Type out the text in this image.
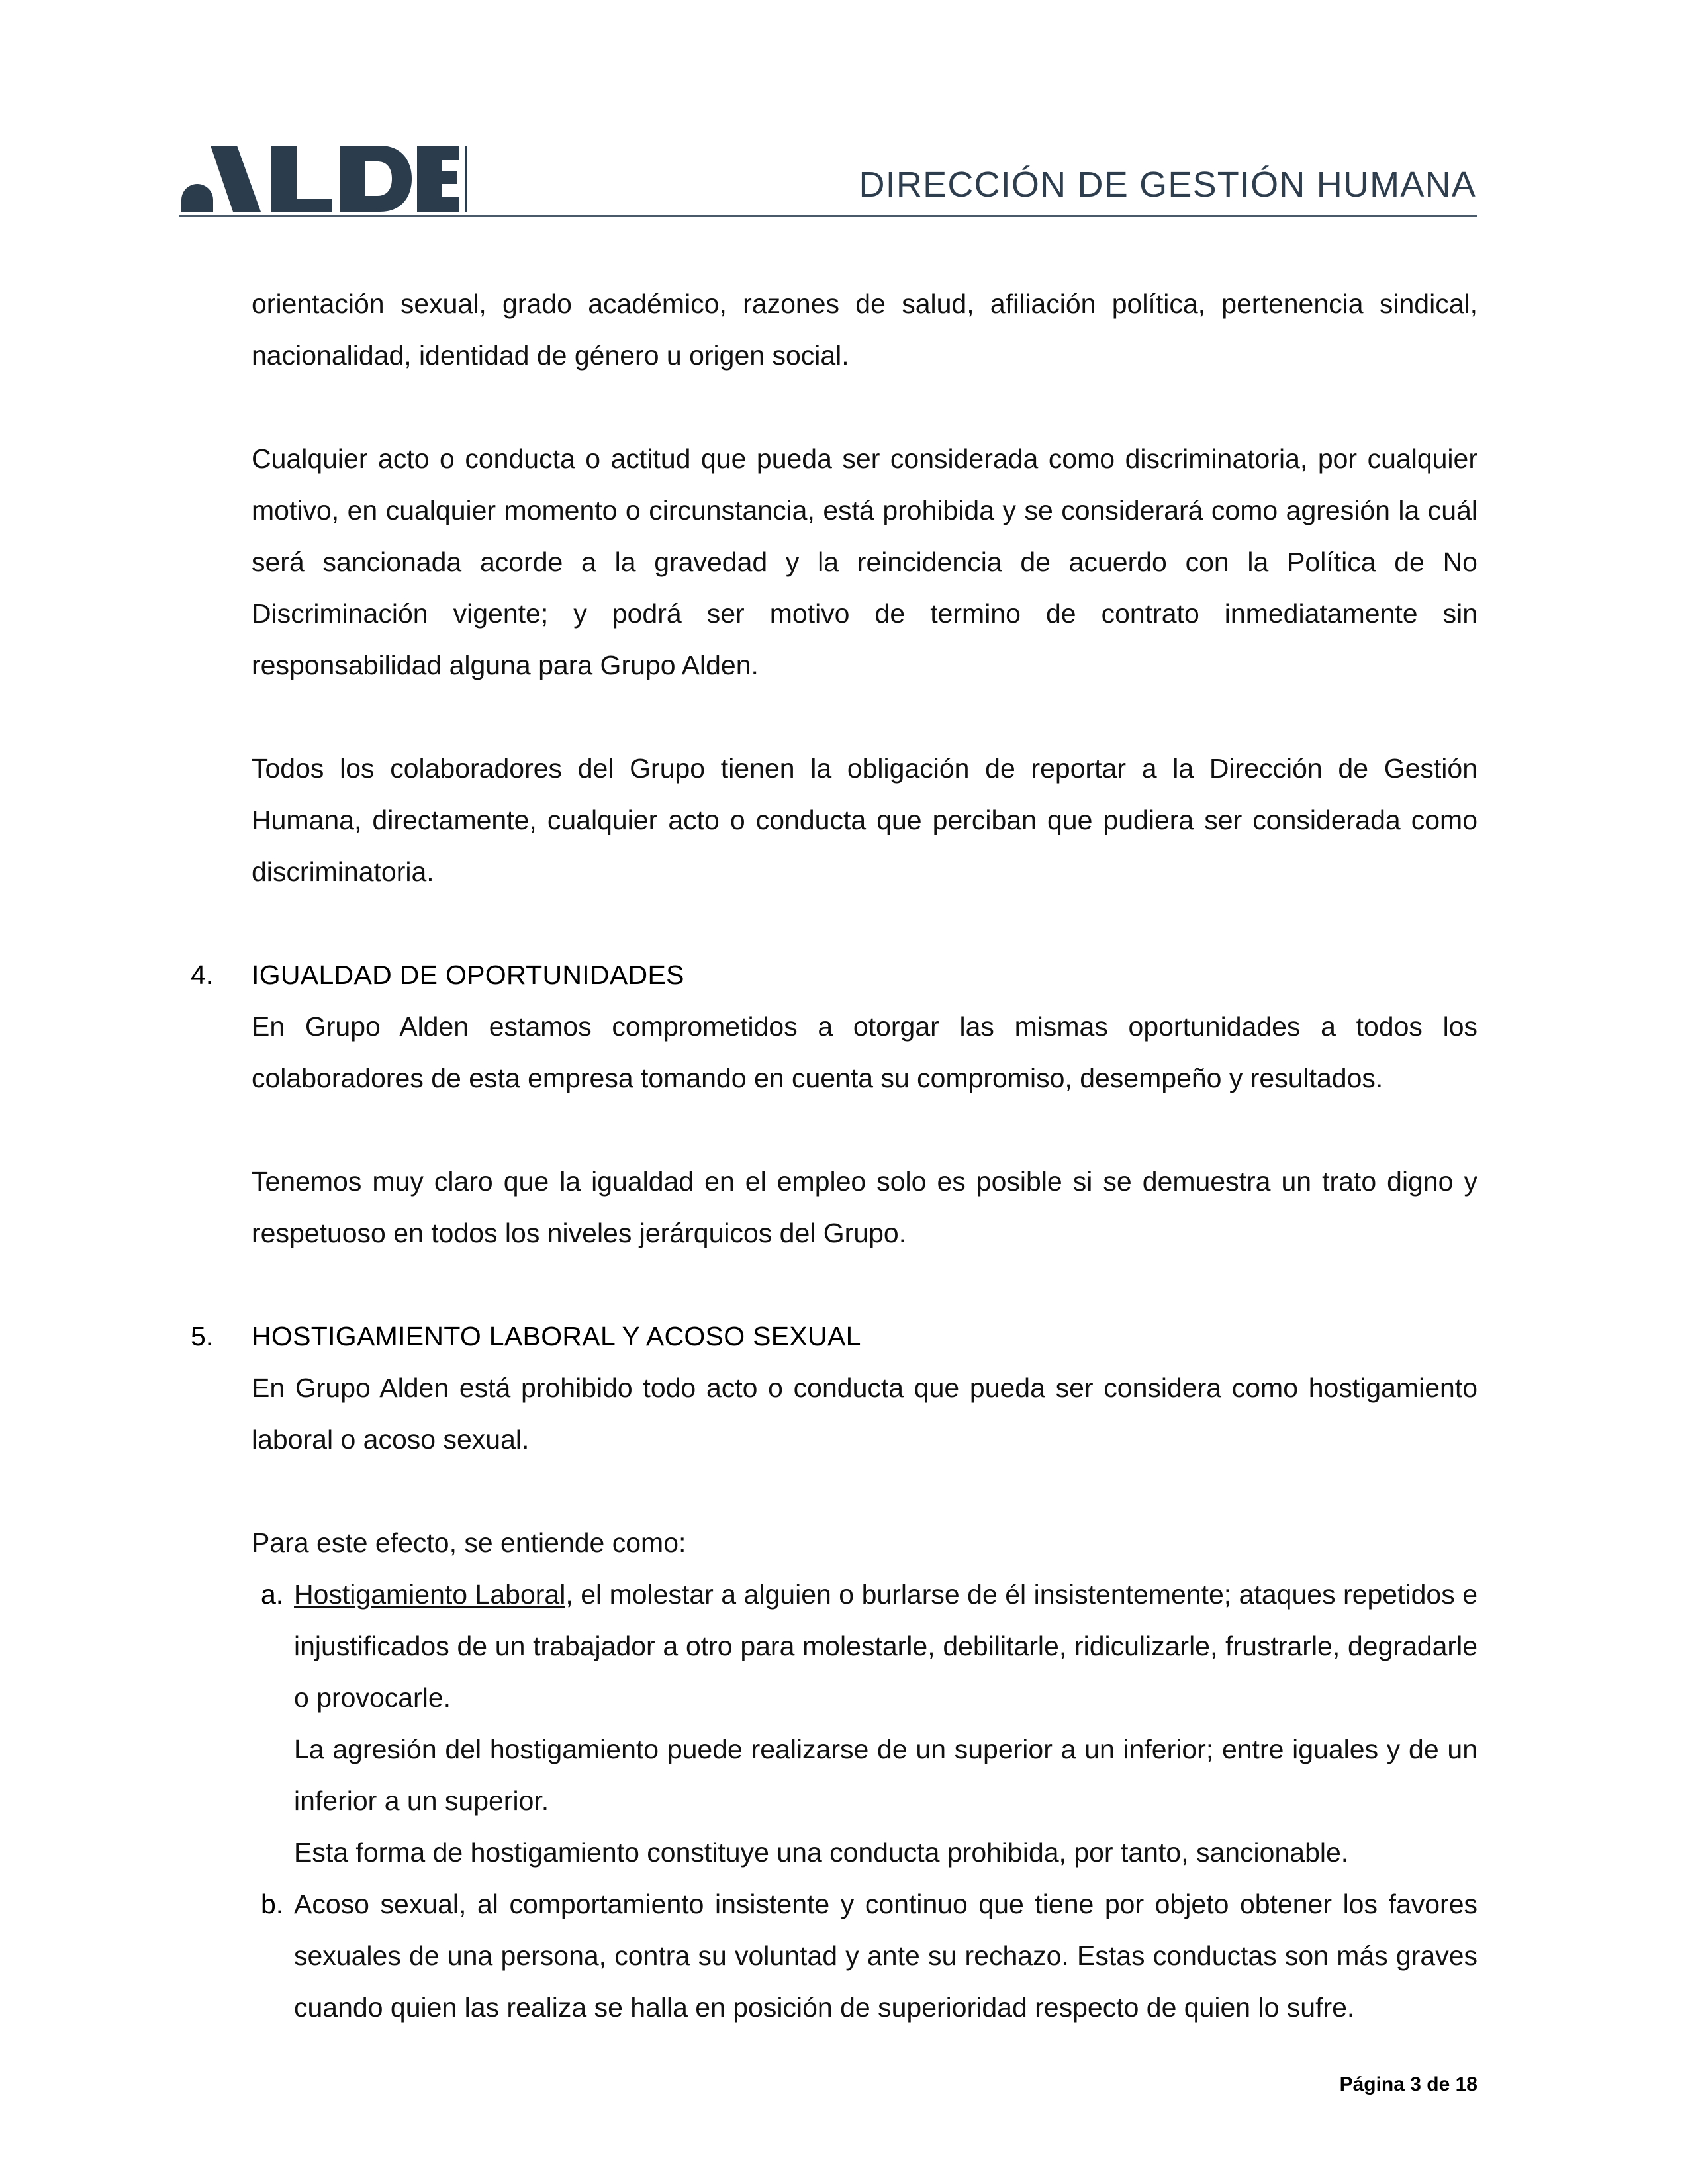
DIRECCIÓN DE GESTIÓN HUMANA

orientación sexual, grado académico, razones de salud, afiliación política, pertenencia sindical, nacionalidad, identidad de género u origen social.

Cualquier acto o conducta o actitud que pueda ser considerada como discriminatoria, por cualquier motivo, en cualquier momento o circunstancia, está prohibida y se considerará como agresión la cuál será sancionada acorde a la gravedad y la reincidencia de acuerdo con la Política de No Discriminación vigente; y podrá ser motivo de termino de contrato inmediatamente sin responsabilidad alguna para Grupo Alden.

Todos los colaboradores del Grupo tienen la obligación de reportar a la Dirección de Gestión Humana, directamente, cualquier acto o conducta que perciban que pudiera ser considerada como discriminatoria.

4.	IGUALDAD DE OPORTUNIDADES

En Grupo Alden estamos comprometidos a otorgar las mismas oportunidades a todos los colaboradores de esta empresa tomando en cuenta su compromiso, desempeño y resultados.

Tenemos muy claro que la igualdad en el empleo solo es posible si se demuestra un trato digno y respetuoso en todos los niveles jerárquicos del Grupo.

5.	HOSTIGAMIENTO LABORAL Y ACOSO SEXUAL

En Grupo Alden está prohibido todo acto o conducta que pueda ser considera como hostigamiento laboral o acoso sexual.

Para este efecto, se entiende como:

a. Hostigamiento Laboral, el molestar a alguien o burlarse de él insistentemente; ataques repetidos e injustificados de un trabajador a otro para molestarle, debilitarle, ridiculizarle, frustrarle, degradarle o provocarle.

La agresión del hostigamiento puede realizarse de un superior a un inferior; entre iguales y de un inferior a un superior.

Esta forma de hostigamiento constituye una conducta prohibida, por tanto, sancionable.

b. Acoso sexual, al comportamiento insistente y continuo que tiene por objeto obtener los favores sexuales de una persona, contra su voluntad y ante su rechazo. Estas conductas son más graves cuando quien las realiza se halla en posición de superioridad respecto de quien lo sufre.

Página 3 de 18
